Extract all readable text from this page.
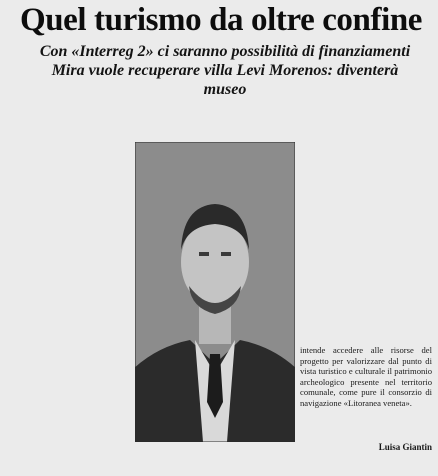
Quel turismo da oltre confine
Con «Interreg 2» ci saranno possibilità di finanziamenti Mira vuole recuperare villa Levi Morenos: diventerà museo

intende accedere alle risorse del progetto per valorizzare dal punto di vista turistico e culturale il patrimonio archeologico presente nel territorio comunale, come pure il consorzio di navigazione «Litoranea veneta».

Luisa Giantin
